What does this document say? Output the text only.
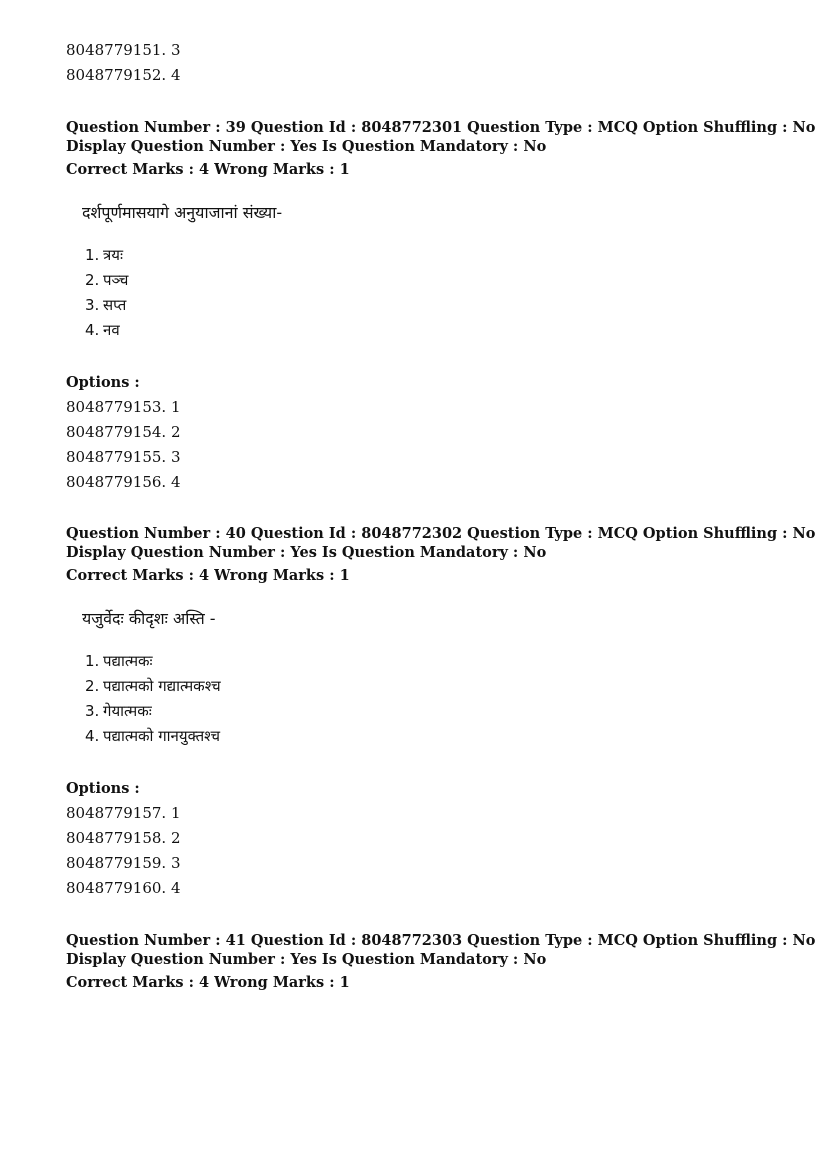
8048779151. 3
8048779152. 4
Question Number : 39 Question Id : 8048772301 Question Type : MCQ Option Shuffling : No
Display Question Number : Yes Is Question Mandatory : No
Correct Marks : 4 Wrong Marks : 1
दर्शपूर्णमासयागे अनुयाजानां संख्या-
1. त्रयः
2. पञ्च
3. सप्त
4. नव
Options :
8048779153. 1
8048779154. 2
8048779155. 3
8048779156. 4
Question Number : 40 Question Id : 8048772302 Question Type : MCQ Option Shuffling : No
Display Question Number : Yes Is Question Mandatory : No
Correct Marks : 4 Wrong Marks : 1
यजुर्वेदः कीदृशः अस्ति -
1. पद्यात्मकः
2. पद्यात्मको गद्यात्मकश्च
3. गेयात्मकः
4. पद्यात्मको गानयुक्तश्च
Options :
8048779157. 1
8048779158. 2
8048779159. 3
8048779160. 4
Question Number : 41 Question Id : 8048772303 Question Type : MCQ Option Shuffling : No
Display Question Number : Yes Is Question Mandatory : No
Correct Marks : 4 Wrong Marks : 1
